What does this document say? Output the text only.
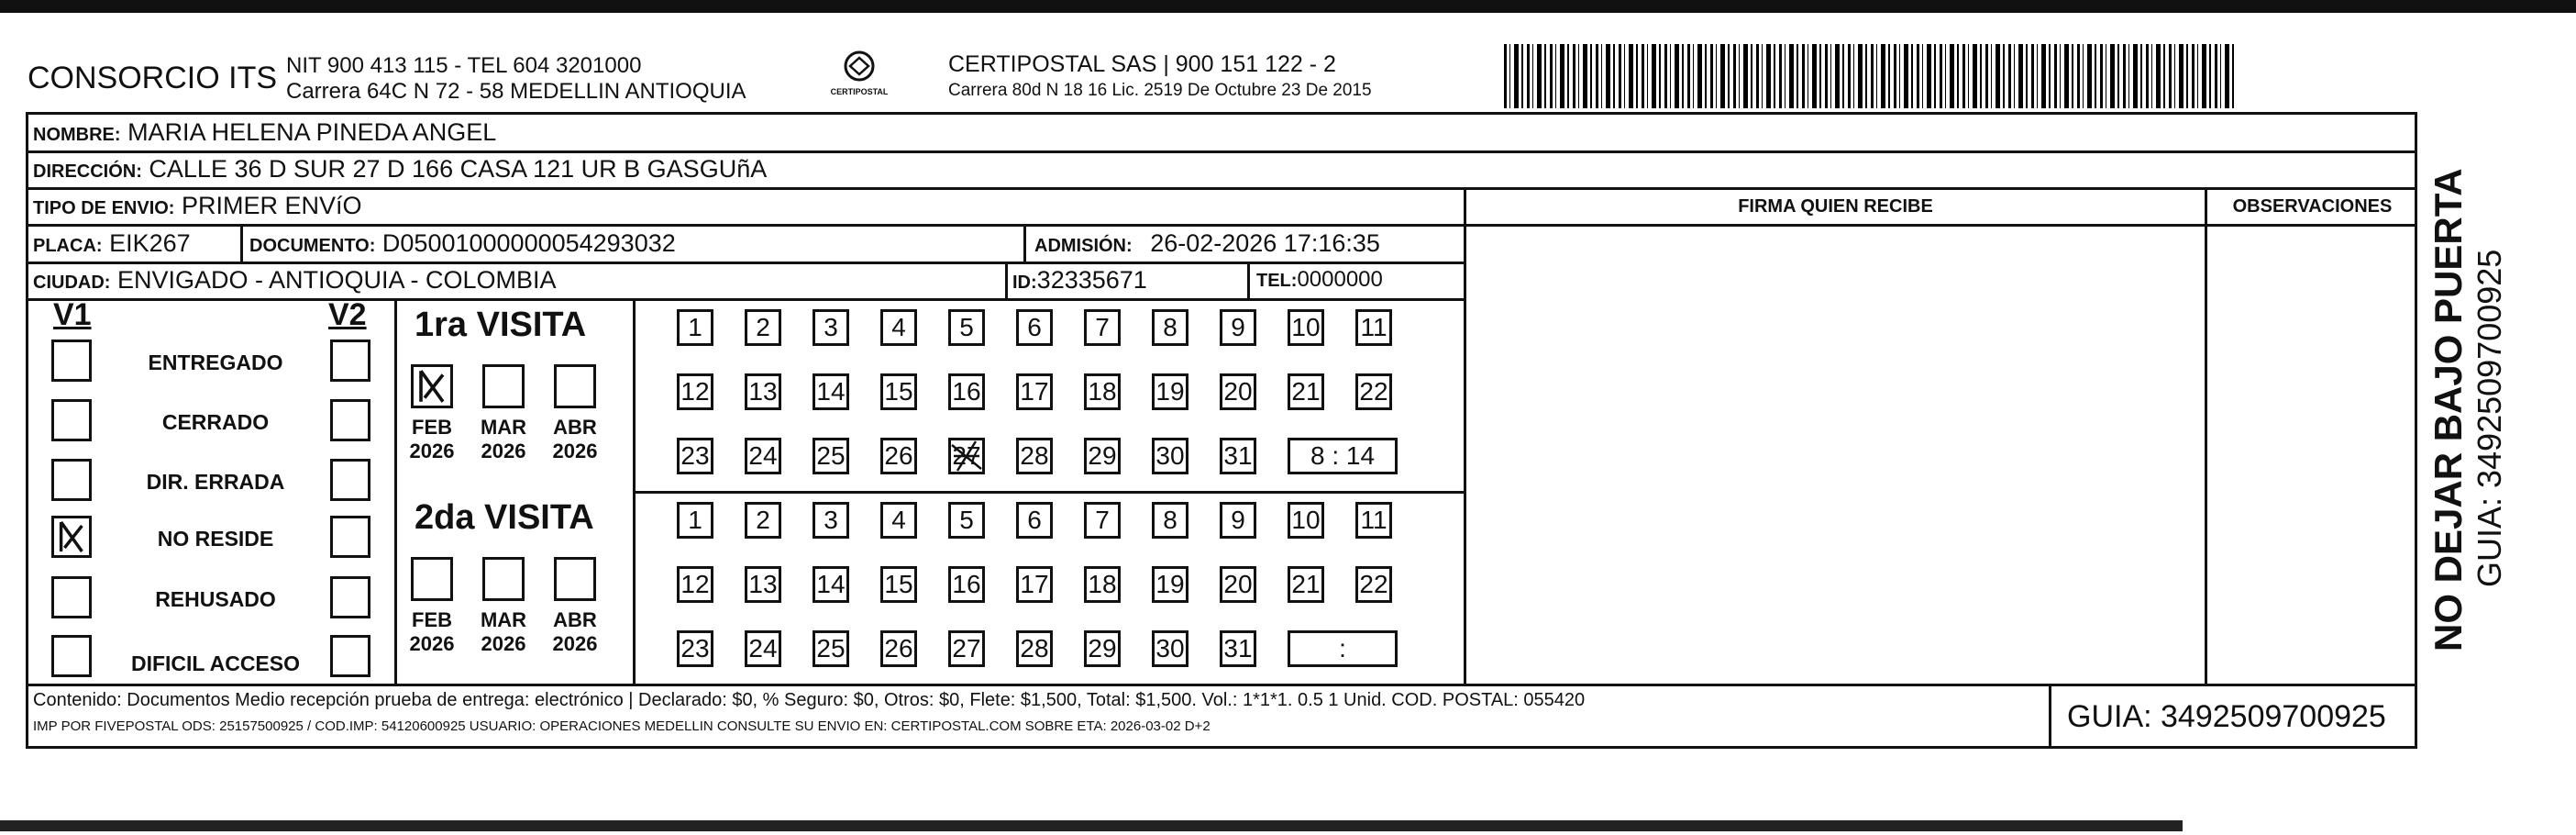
CONSORCIO ITS NIT 900 413 115 - TEL 604 3201000
Carrera 64C N 72 - 58 MEDELLIN ANTIOQUIA	CERTIPOSTAL
CERTIPOSTAL SAS | 900 151 122 - 2
Carrera 80d N 18 16 Lic. 2519 De Octubre 23 De 2015
NOMBRE: MARIA HELENA PINEDA ANGEL
DIRECCIÓN: CALLE 36 D SUR 27 D 166 CASA 121 UR B GASGUñA
TIPO DE ENVIO: PRIMER ENVíO
PLACA: EIK267	DOCUMENTO: D05001000000054293032	ADMISIÓN: 26-02-2026 17:16:35
CIUDAD: ENVIGADO - ANTIOQUIA - COLOMBIA	ID:32335671	TEL:0000000
FIRMA QUIEN RECIBE	OBSERVACIONES
V1	V2
ENTREGADO
CERRADO
DIR. ERRADA
NO RESIDE
REHUSADO
DIFICIL ACCESO
1ra VISITA
FEB
2026
MAR
2026
ABR
2026
1	2	3	4	5	6	7	8	9	10 11
12 13 14 15 16 17 18 19 20 21 22
23 24 25 26 27 28 29 30 31	8 : 14
2da VISITA
FEB
2026
MAR
2026
ABR
2026
1	2	3	4	5	6	7	8	9	10 11
12 13 14 15 16 17 18 19 20 21 22
23 24 25 26 27 28 29 30 31	:
Contenido: Documentos Medio recepción prueba de entrega: electrónico | Declarado: $0, % Seguro: $0, Otros: $0, Flete: $1,500, Total: $1,500. Vol.: 1*1*1. 0.5 1 Unid. COD. POSTAL: 055420
IMP POR FIVEPOSTAL ODS: 25157500925 / COD.IMP: 54120600925 USUARIO: OPERACIONES MEDELLIN CONSULTE SU ENVIO EN: CERTIPOSTAL.COM SOBRE ETA: 2026-03-02 D+2	GUIA: 3492509700925
NO DEJAR BAJO PUERTA GUIA: 3492509700925
